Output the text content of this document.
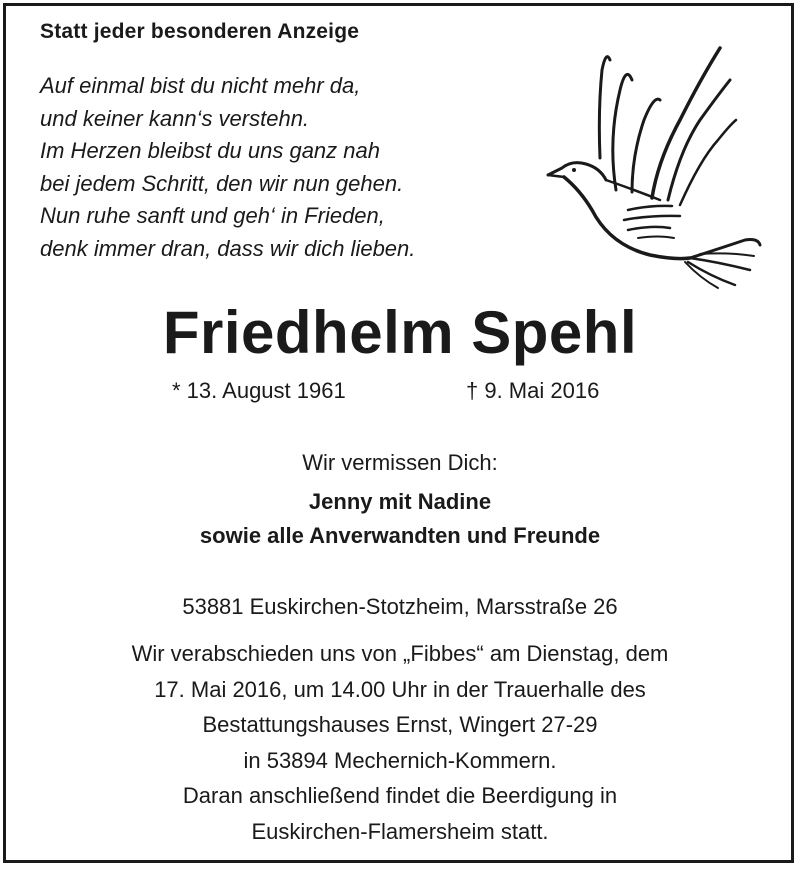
Statt jeder besonderen Anzeige
Auf einmal bist du nicht mehr da,
und keiner kann‘s verstehn.
Im Herzen bleibst du uns ganz nah
bei jedem Schritt, den wir nun gehen.
Nun ruhe sanft und geh‘ in Frieden,
denk immer dran, dass wir dich lieben.
Friedhelm Spehl
* 13. August 1961	† 9. Mai 2016
Wir vermissen Dich:
Jenny mit Nadine
sowie alle Anverwandten und Freunde
53881 Euskirchen-Stotzheim, Marsstraße 26
Wir verabschieden uns von „Fibbes“ am Dienstag, dem
17. Mai 2016, um 14.00 Uhr in der Trauerhalle des
Bestattungshauses Ernst, Wingert 27-29
in 53894 Mechernich-Kommern.
Daran anschließend findet die Beerdigung in
Euskirchen-Flamersheim statt.
